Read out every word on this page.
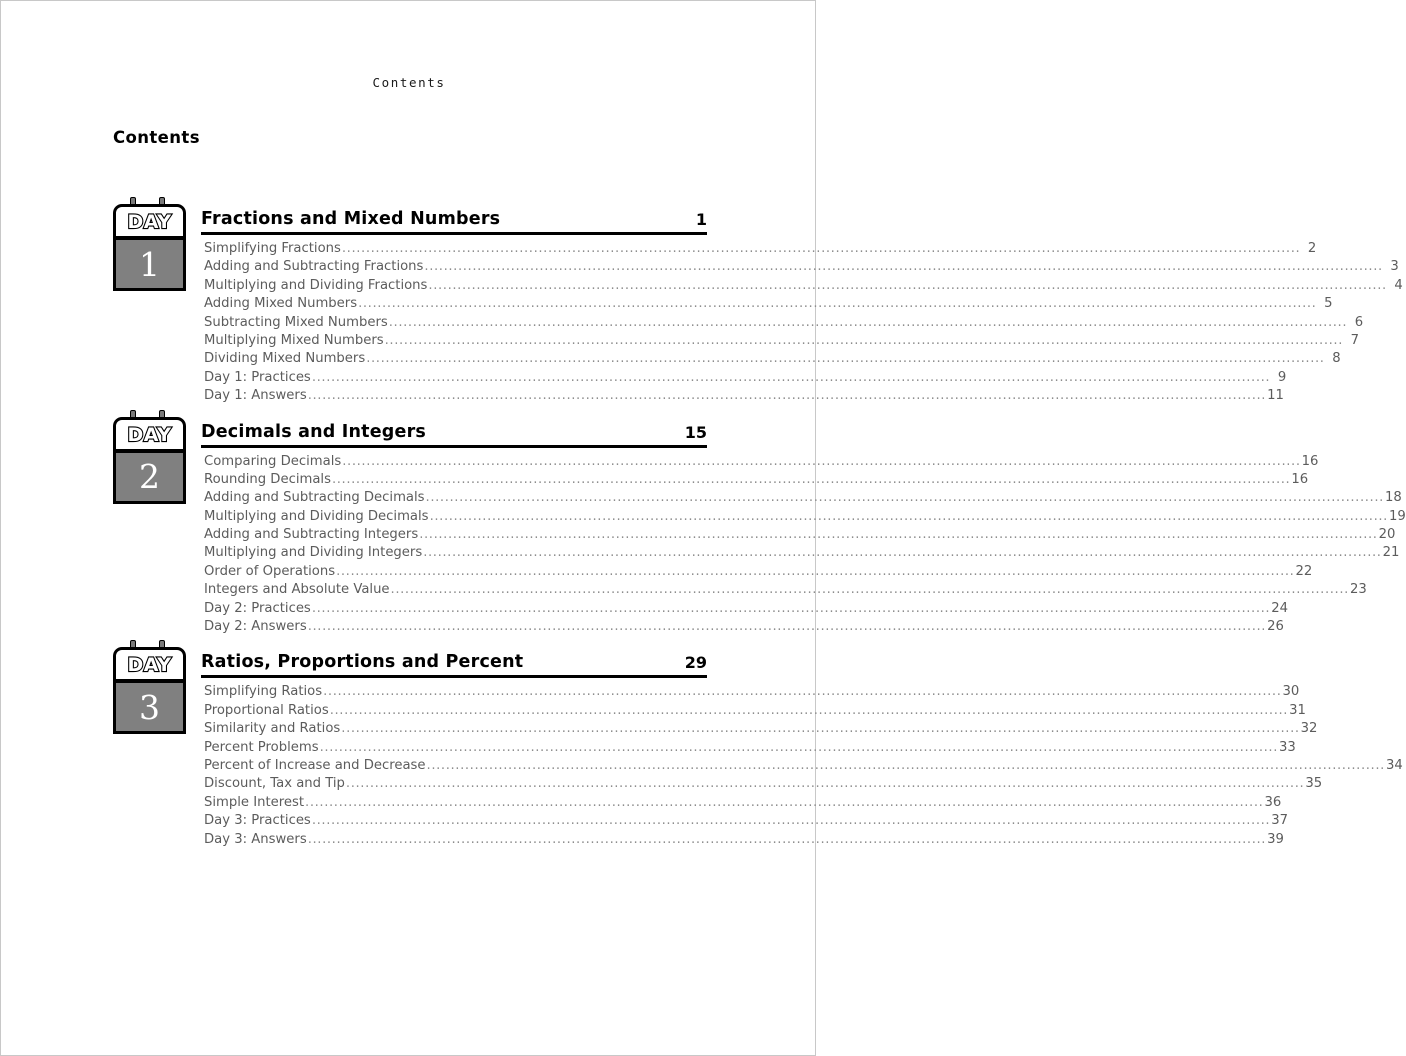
Contents
Contents
DAY
1
Fractions and Mixed Numbers	1
Simplifying Fractions ........................................................................................................................................................................................................ 2
Adding and Subtracting Fractions ........................................................................................................................................................................................................ 3
Multiplying and Dividing Fractions ........................................................................................................................................................................................................ 4
Adding Mixed Numbers ........................................................................................................................................................................................................ 5
Subtracting Mixed Numbers ........................................................................................................................................................................................................ 6
Multiplying Mixed Numbers ........................................................................................................................................................................................................ 7
Dividing Mixed Numbers ........................................................................................................................................................................................................ 8
Day 1: Practices ........................................................................................................................................................................................................ 9
Day 1: Answers ........................................................................................................................................................................................................ 11
DAY
2
Decimals and Integers	15
Comparing Decimals ........................................................................................................................................................................................................ 16
Rounding Decimals ........................................................................................................................................................................................................ 16
Adding and Subtracting Decimals ........................................................................................................................................................................................................ 18
Multiplying and Dividing Decimals ........................................................................................................................................................................................................ 19
Adding and Subtracting Integers ........................................................................................................................................................................................................ 20
Multiplying and Dividing Integers ........................................................................................................................................................................................................ 21
Order of Operations ........................................................................................................................................................................................................ 22
Integers and Absolute Value ........................................................................................................................................................................................................ 23
Day 2: Practices ........................................................................................................................................................................................................ 24
Day 2: Answers ........................................................................................................................................................................................................ 26
DAY
3
Ratios, Proportions and Percent	29
Simplifying Ratios ........................................................................................................................................................................................................ 30
Proportional Ratios ........................................................................................................................................................................................................ 31
Similarity and Ratios ........................................................................................................................................................................................................ 32
Percent Problems ........................................................................................................................................................................................................ 33
Percent of Increase and Decrease ........................................................................................................................................................................................................ 34
Discount, Tax and Tip ........................................................................................................................................................................................................ 35
Simple Interest ........................................................................................................................................................................................................ 36
Day 3: Practices ........................................................................................................................................................................................................ 37
Day 3: Answers ........................................................................................................................................................................................................ 39
